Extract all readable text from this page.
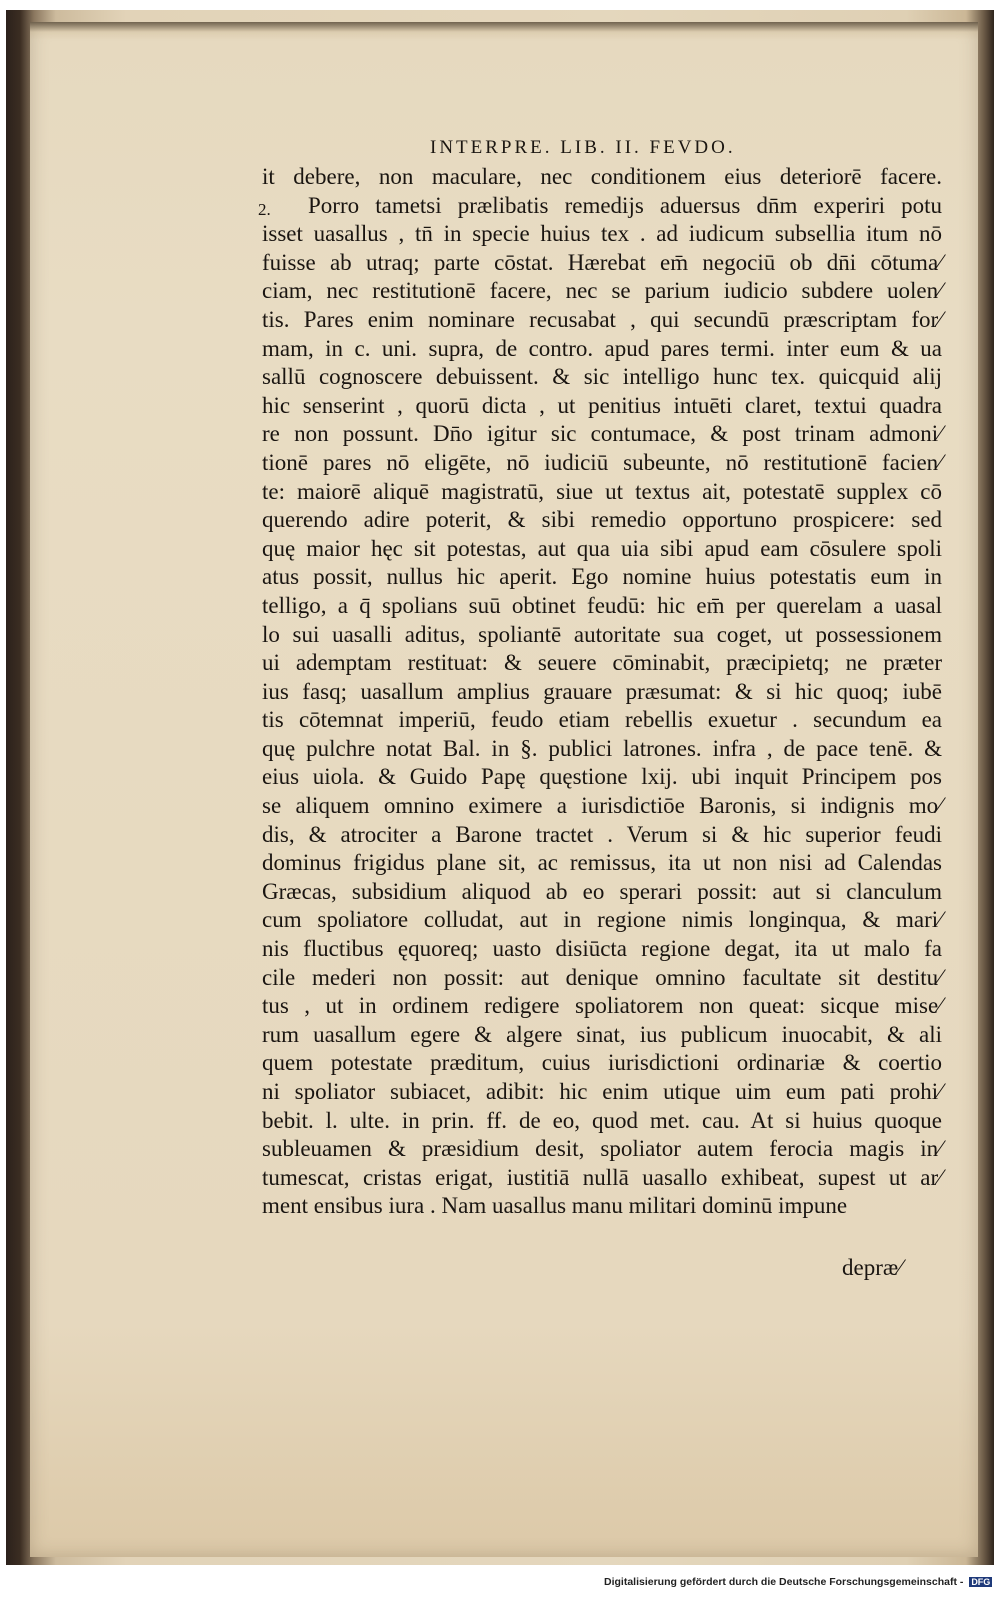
INTERPRE. LIB. II. FEVDO.
2.
it debere, non maculare, nec conditionem eius deteriorē facere.
Porro tametsi prælibatis remedijs aduersus dn̄m experiri potu
isset uasallus , tn̄ in specie huius tex . ad iudicum subsellia itum nō
fuisse ab utraq; parte cōstat. Hærebat em̄ negociū ob dn̄i cōtuma⁄
ciam, nec restitutionē facere, nec se parium iudicio subdere uolen⁄
tis. Pares enim nominare recusabat , qui secundū præscriptam for⁄
mam, in c. uni. supra, de contro. apud pares termi. inter eum & ua
sallū cognoscere debuissent. & sic intelligo hunc tex. quicquid alij
hic senserint , quorū dicta , ut penitius intuēti claret, textui quadra
re non possunt. Dn̄o igitur sic contumace, & post trinam admoni⁄
tionē pares nō eligēte, nō iudiciū subeunte, nō restitutionē facien⁄
te: maiorē aliquē magistratū, siue ut textus ait, potestatē supplex cō
querendo adire poterit, & sibi remedio opportuno prospicere: sed
quę maior hęc sit potestas, aut qua uia sibi apud eam cōsulere spoli
atus possit, nullus hic aperit. Ego nomine huius potestatis eum in
telligo, a q̄ spolians suū obtinet feudū: hic em̄ per querelam a uasal
lo sui uasalli aditus, spoliantē autoritate sua coget, ut possessionem
ui ademptam restituat: & seuere cōminabit, præcipietq; ne præter
ius fasq; uasallum amplius grauare præsumat: & si hic quoq; iubē
tis cōtemnat imperiū, feudo etiam rebellis exuetur . secundum ea
quę pulchre notat Bal. in §. publici latrones. infra , de pace tenē. &
eius uiola. & Guido Papę quęstione lxij. ubi inquit Principem pos
se aliquem omnino eximere a iurisdictiōe Baronis, si indignis mo⁄
dis, & atrociter a Barone tractet . Verum si & hic superior feudi
dominus frigidus plane sit, ac remissus, ita ut non nisi ad Calendas
Græcas, subsidium aliquod ab eo sperari possit: aut si clanculum
cum spoliatore colludat, aut in regione nimis longinqua, & mari⁄
nis fluctibus ęquoreq; uasto disiūcta regione degat, ita ut malo fa
cile mederi non possit: aut denique omnino facultate sit destitu⁄
tus , ut in ordinem redigere spoliatorem non queat: sicque mise⁄
rum uasallum egere & algere sinat, ius publicum inuocabit, & ali
quem potestate præditum, cuius iurisdictioni ordinariæ & coertio
ni spoliator subiacet, adibit: hic enim utique uim eum pati prohi⁄
bebit. l. ulte. in prin. ff. de eo, quod met. cau. At si huius quoque
subleuamen & præsidium desit, spoliator autem ferocia magis in⁄
tumescat, cristas erigat, iustitiā nullā uasallo exhibeat, supest ut ar⁄
ment ensibus iura . Nam uasallus manu militari dominū impune
depræ⁄
Digitalisierung gefördert durch die Deutsche Forschungsgemeinschaft - DFG
